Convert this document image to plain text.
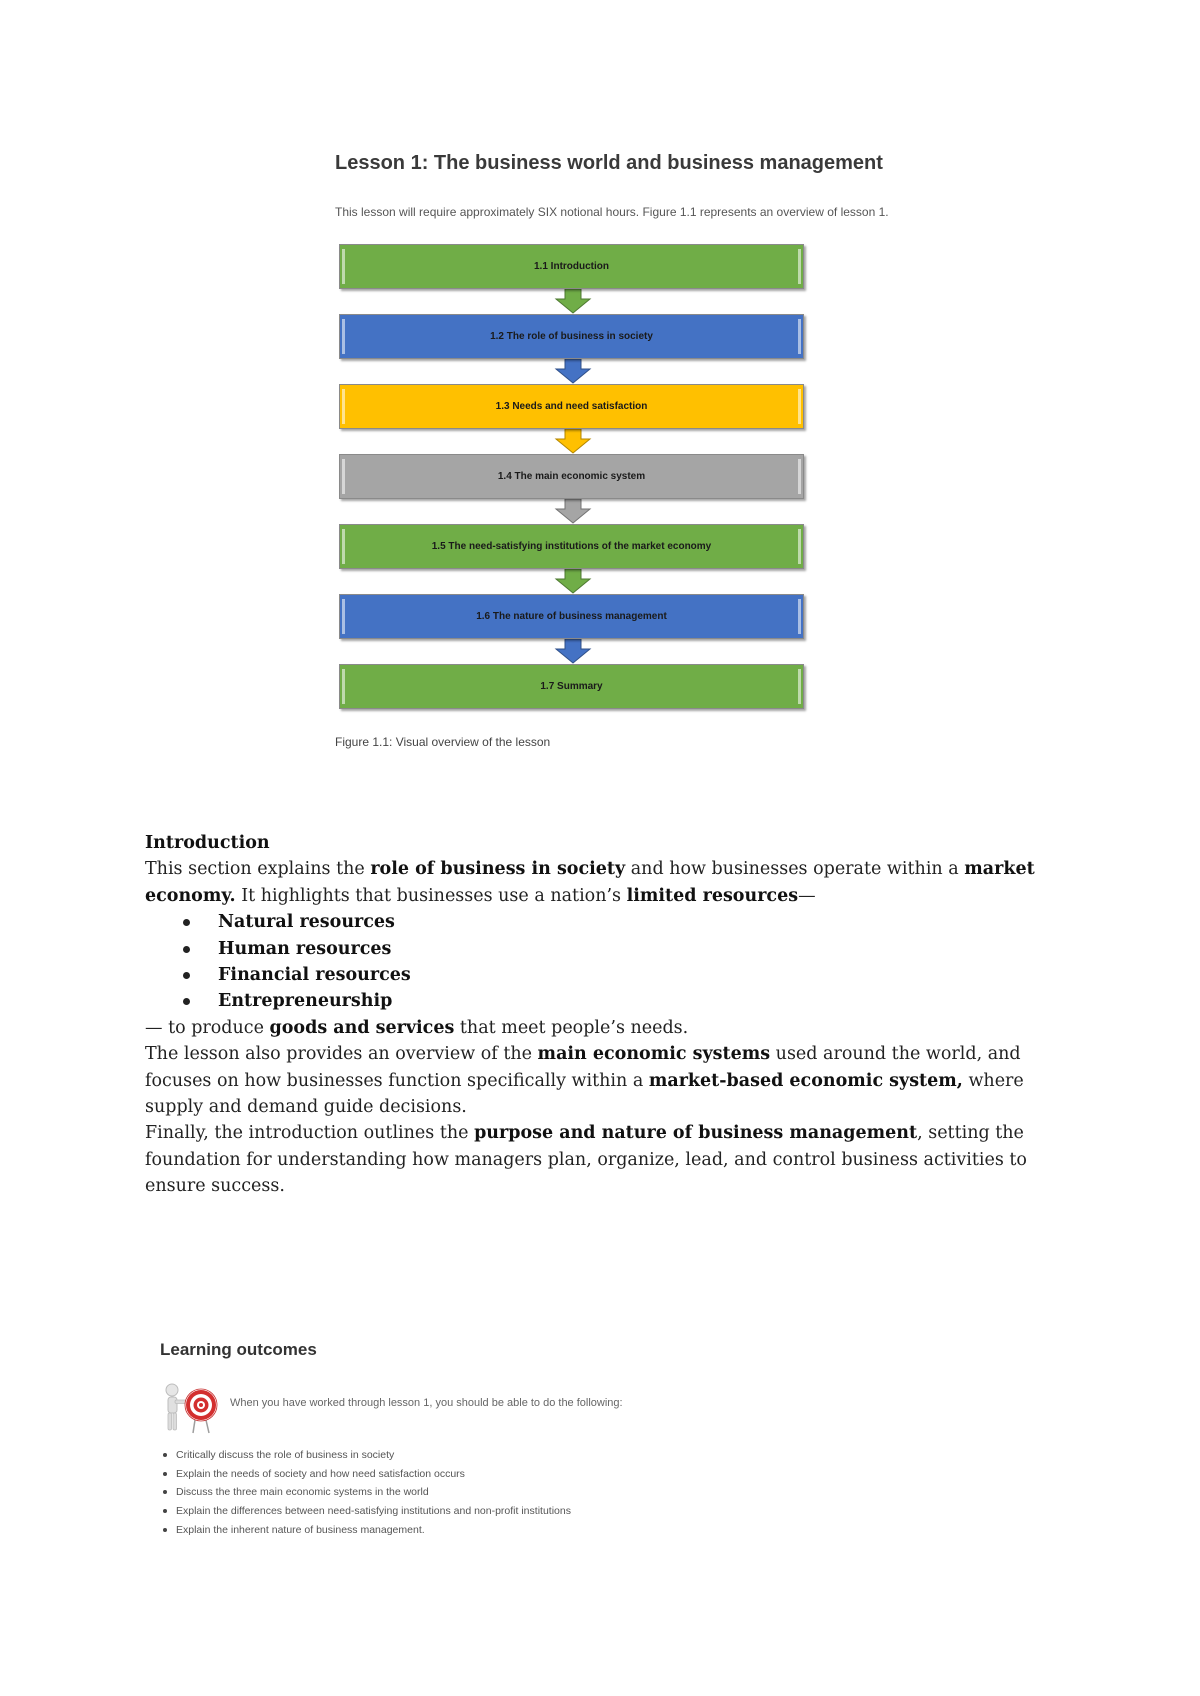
Lesson 1: The business world and business management

This lesson will require approximately SIX notional hours. Figure 1.1 represents an overview of lesson 1.

1.1 Introduction
1.2 The role of business in society
1.3 Needs and need satisfaction
1.4 The main economic system
1.5 The need-satisfying institutions of the market economy
1.6 The nature of business management
1.7 Summary

Figure 1.1: Visual overview of the lesson

Introduction

This section explains the role of business in society and how businesses operate within a market economy. It highlights that businesses use a nation’s limited resources—

Natural resources
Human resources
Financial resources
Entrepreneurship

— to produce goods and services that meet people’s needs.

The lesson also provides an overview of the main economic systems used around the world, and focuses on how businesses function specifically within a market-based economic system, where supply and demand guide decisions.

Finally, the introduction outlines the purpose and nature of business management, setting the foundation for understanding how managers plan, organize, lead, and control business activities to ensure success.

Learning outcomes

When you have worked through lesson 1, you should be able to do the following:

Critically discuss the role of business in society
Explain the needs of society and how need satisfaction occurs
Discuss the three main economic systems in the world
Explain the differences between need-satisfying institutions and non-profit institutions
Explain the inherent nature of business management.
